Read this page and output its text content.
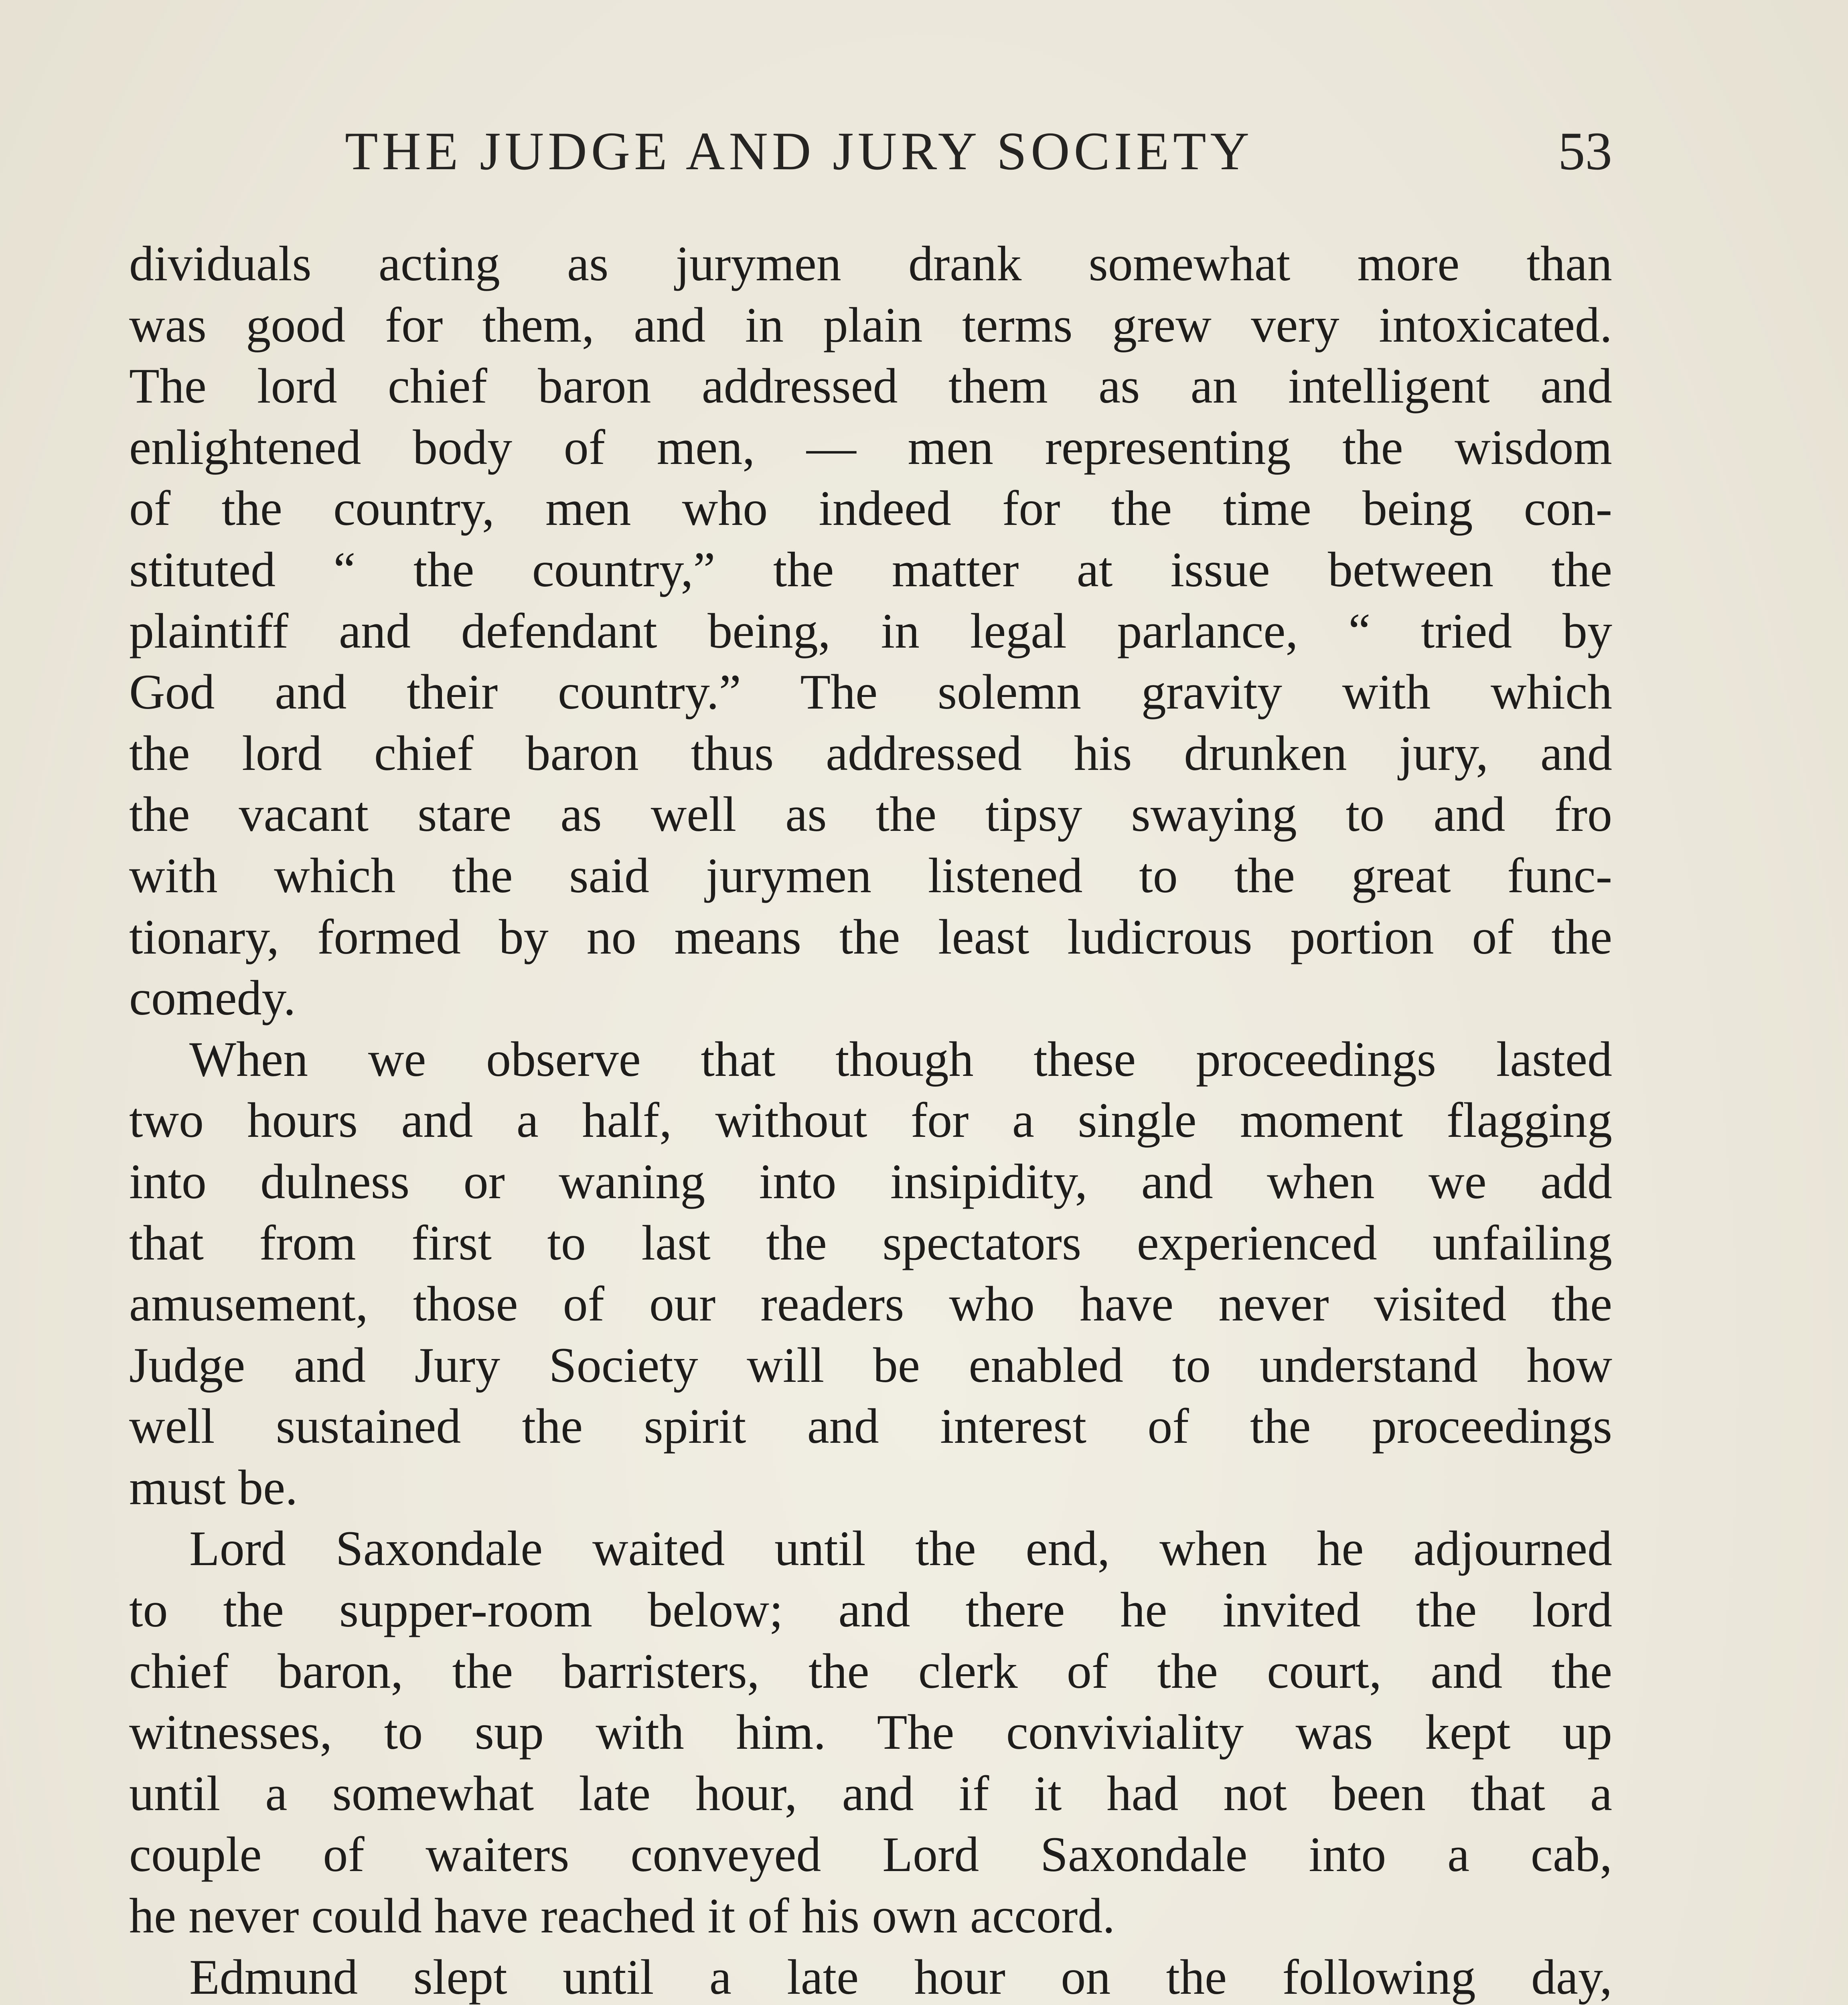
THE JUDGE AND JURY SOCIETY	53
dividuals acting as jurymen drank somewhat more than
was good for them, and in plain terms grew very intoxicated.
The lord chief baron addressed them as an intelligent and
enlightened body of men, — men representing the wisdom
of the country, men who indeed for the time being con-
stituted “ the country,” the matter at issue between the
plaintiff and defendant being, in legal parlance, “ tried by
God and their country.” The solemn gravity with which
the lord chief baron thus addressed his drunken jury, and
the vacant stare as well as the tipsy swaying to and fro
with which the said jurymen listened to the great func-
tionary, formed by no means the least ludicrous portion of the
comedy.
When we observe that though these proceedings lasted
two hours and a half, without for a single moment flagging
into dulness or waning into insipidity, and when we add
that from first to last the spectators experienced unfailing
amusement, those of our readers who have never visited the
Judge and Jury Society will be enabled to understand how
well sustained the spirit and interest of the proceedings
must be.
Lord Saxondale waited until the end, when he adjourned
to the supper-room below; and there he invited the lord
chief baron, the barristers, the clerk of the court, and the
witnesses, to sup with him. The conviviality was kept up
until a somewhat late hour, and if it had not been that a
couple of waiters conveyed Lord Saxondale into a cab,
he never could have reached it of his own accord.
Edmund slept until a late hour on the following day,
